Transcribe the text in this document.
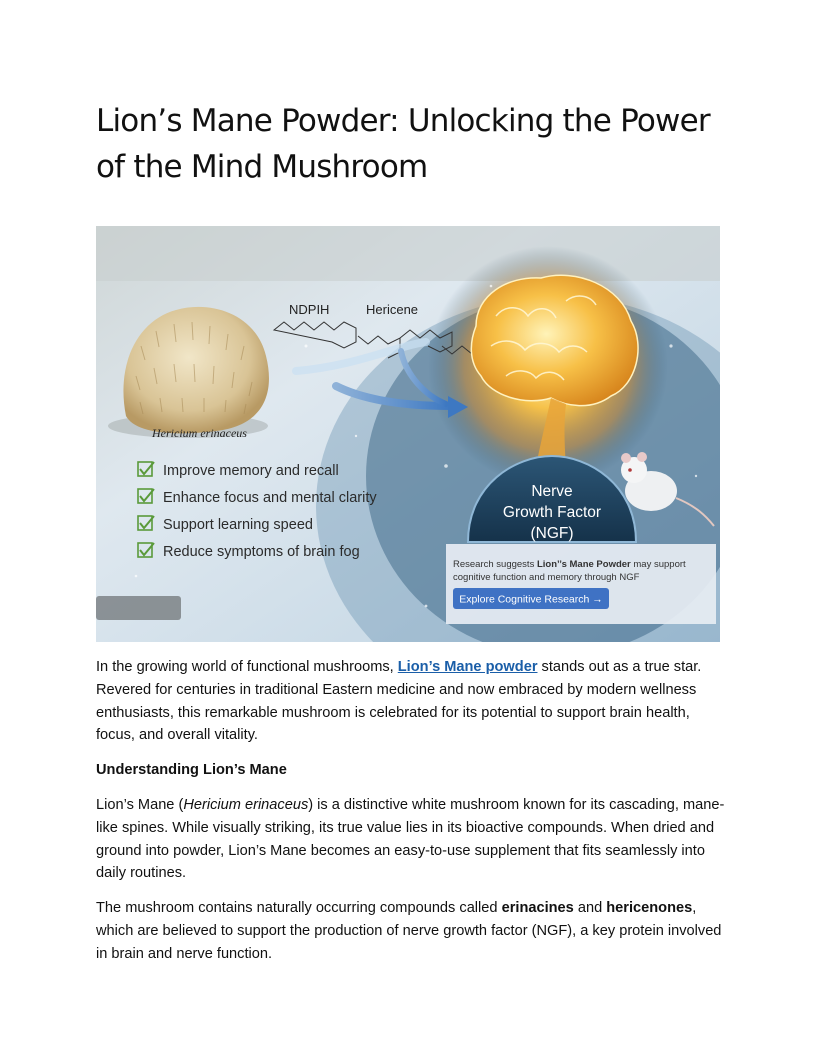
Lion’s Mane Powder: Unlocking the Power of the Mind Mushroom
NDPIH	Hericene
Hericium erinaceus
Improve memory and recall
Enhance focus and mental clarity
Support learning speed
Reduce symptoms of brain fog
Nerve
Growth Factor
(NGF)
Research suggests Lion’’s Mane Powder may support
cognitive function and memory through NGF
Explore Cognitive Research →

In the growing world of functional mushrooms, Lion’s Mane powder stands out as a true star. Revered for centuries in traditional Eastern medicine and now embraced by modern wellness enthusiasts, this remarkable mushroom is celebrated for its potential to support brain health, focus, and overall vitality.

Understanding Lion’s Mane

Lion’s Mane (Hericium erinaceus) is a distinctive white mushroom known for its cascading, mane-like spines. While visually striking, its true value lies in its bioactive compounds. When dried and ground into powder, Lion’s Mane becomes an easy-to-use supplement that fits seamlessly into daily routines.

The mushroom contains naturally occurring compounds called erinacines and hericenones, which are believed to support the production of nerve growth factor (NGF), a key protein involved in brain and nerve function.
